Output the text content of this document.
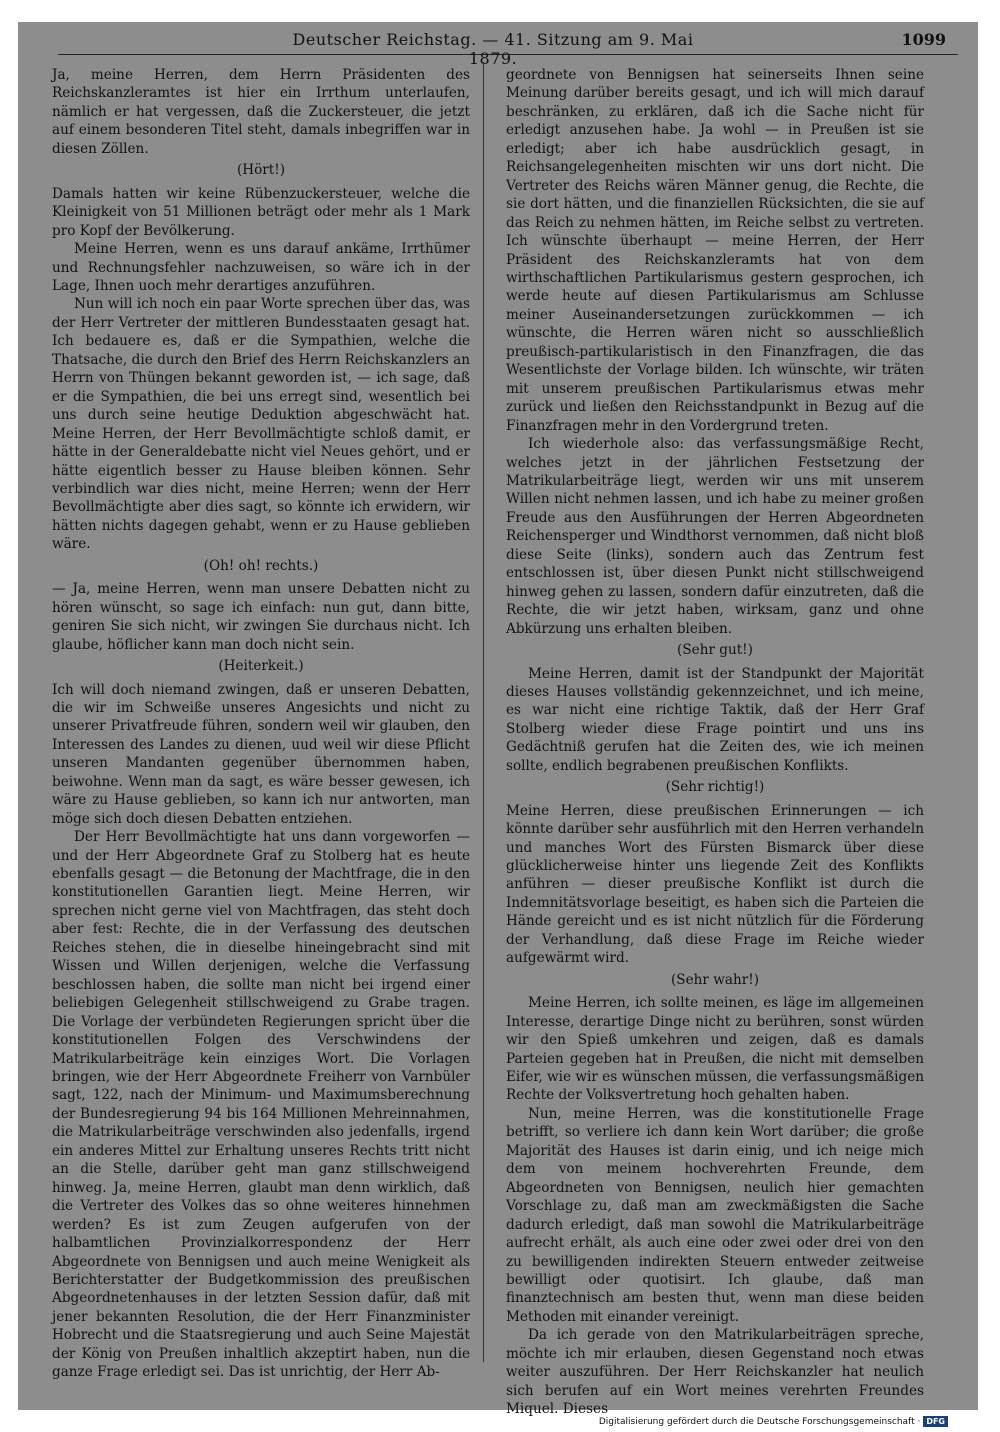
Deutscher Reichstag. — 41. Sitzung am 9. Mai 1879.
1099

Ja, meine Herren, dem Herrn Präsidenten des Reichskanzleramtes ist hier ein Irrthum unterlaufen, nämlich er hat vergessen, daß die Zuckersteuer, die jetzt auf einem besonderen Titel steht, damals inbegriffen war in diesen Zöllen.

(Hört!)

Damals hatten wir keine Rübenzuckersteuer, welche die Kleinigkeit von 51 Millionen beträgt oder mehr als 1 Mark pro Kopf der Bevölkerung.

Meine Herren, wenn es uns darauf ankäme, Irrthümer und Rechnungsfehler nachzuweisen, so wäre ich in der Lage, Ihnen uoch mehr derartiges anzuführen.

Nun will ich noch ein paar Worte sprechen über das, was der Herr Vertreter der mittleren Bundesstaaten gesagt hat. Ich bedauere es, daß er die Sympathien, welche die Thatsache, die durch den Brief des Herrn Reichskanzlers an Herrn von Thüngen bekannt geworden ist, — ich sage, daß er die Sympathien, die bei uns erregt sind, wesentlich bei uns durch seine heutige Deduktion abgeschwächt hat. Meine Herren, der Herr Bevollmächtigte schloß damit, er hätte in der Generaldebatte nicht viel Neues gehört, und er hätte eigentlich besser zu Hause bleiben können. Sehr verbindlich war dies nicht, meine Herren; wenn der Herr Bevollmächtigte aber dies sagt, so könnte ich erwidern, wir hätten nichts dagegen gehabt, wenn er zu Hause geblieben wäre.

(Oh! oh! rechts.)

— Ja, meine Herren, wenn man unsere Debatten nicht zu hören wünscht, so sage ich einfach: nun gut, dann bitte, geniren Sie sich nicht, wir zwingen Sie durchaus nicht. Ich glaube, höflicher kann man doch nicht sein.

(Heiterkeit.)

Ich will doch niemand zwingen, daß er unseren Debatten, die wir im Schweiße unseres Angesichts und nicht zu unserer Privatfreude führen, sondern weil wir glauben, den Interessen des Landes zu dienen, uud weil wir diese Pflicht unseren Mandanten gegenüber übernommen haben, beiwohne. Wenn man da sagt, es wäre besser gewesen, ich wäre zu Hause geblieben, so kann ich nur antworten, man möge sich doch diesen Debatten entziehen.

Der Herr Bevollmächtigte hat uns dann vorgeworfen — und der Herr Abgeordnete Graf zu Stolberg hat es heute ebenfalls gesagt — die Betonung der Machtfrage, die in den konstitutionellen Garantien liegt. Meine Herren, wir sprechen nicht gerne viel von Machtfragen, das steht doch aber fest: Rechte, die in der Verfassung des deutschen Reiches stehen, die in dieselbe hineingebracht sind mit Wissen und Willen derjenigen, welche die Verfassung beschlossen haben, die sollte man nicht bei irgend einer beliebigen Gelegenheit stillschweigend zu Grabe tragen. Die Vorlage der verbündeten Regierungen spricht über die konstitutionellen Folgen des Verschwindens der Matrikularbeiträge kein einziges Wort. Die Vorlagen bringen, wie der Herr Abgeordnete Freiherr von Varnbüler sagt, 122, nach der Minimum- und Maximumsberechnung der Bundesregierung 94 bis 164 Millionen Mehreinnahmen, die Matrikularbeiträge verschwinden also jedenfalls, irgend ein anderes Mittel zur Erhaltung unseres Rechts tritt nicht an die Stelle, darüber geht man ganz stillschweigend hinweg. Ja, meine Herren, glaubt man denn wirklich, daß die Vertreter des Volkes das so ohne weiteres hinnehmen werden? Es ist zum Zeugen aufgerufen von der halbamtlichen Provinzialkorrespondenz der Herr Abgeordnete von Bennigsen und auch meine Wenigkeit als Berichterstatter der Budgetkommission des preußischen Abgeordnetenhauses in der letzten Session dafür, daß mit jener bekannten Resolution, die der Herr Finanzminister Hobrecht und die Staatsregierung und auch Seine Majestät der König von Preußen inhaltlich akzeptirt haben, nun die ganze Frage erledigt sei. Das ist unrichtig, der Herr Ab-

geordnete von Bennigsen hat seinerseits Ihnen seine Meinung darüber bereits gesagt, und ich will mich darauf beschränken, zu erklären, daß ich die Sache nicht für erledigt anzusehen habe. Ja wohl — in Preußen ist sie erledigt; aber ich habe ausdrücklich gesagt, in Reichsangelegenheiten mischten wir uns dort nicht. Die Vertreter des Reichs wären Männer genug, die Rechte, die sie dort hätten, und die finanziellen Rücksichten, die sie auf das Reich zu nehmen hätten, im Reiche selbst zu vertreten. Ich wünschte überhaupt — meine Herren, der Herr Präsident des Reichskanzleramts hat von dem wirthschaftlichen Partikularismus gestern gesprochen, ich werde heute auf diesen Partikularismus am Schlusse meiner Auseinandersetzungen zurückkommen — ich wünschte, die Herren wären nicht so ausschließlich preußisch-partikularistisch in den Finanzfragen, die das Wesentlichste der Vorlage bilden. Ich wünschte, wir träten mit unserem preußischen Partikularismus etwas mehr zurück und ließen den Reichsstandpunkt in Bezug auf die Finanzfragen mehr in den Vordergrund treten.

Ich wiederhole also: das verfassungsmäßige Recht, welches jetzt in der jährlichen Festsetzung der Matrikularbeiträge liegt, werden wir uns mit unserem Willen nicht nehmen lassen, und ich habe zu meiner großen Freude aus den Ausführungen der Herren Abgeordneten Reichensperger und Windthorst vernommen, daß nicht bloß diese Seite (links), sondern auch das Zentrum fest entschlossen ist, über diesen Punkt nicht stillschweigend hinweg gehen zu lassen, sondern dafür einzutreten, daß die Rechte, die wir jetzt haben, wirksam, ganz und ohne Abkürzung uns erhalten bleiben.

(Sehr gut!)

Meine Herren, damit ist der Standpunkt der Majorität dieses Hauses vollständig gekennzeichnet, und ich meine, es war nicht eine richtige Taktik, daß der Herr Graf Stolberg wieder diese Frage pointirt und uns ins Gedächtniß gerufen hat die Zeiten des, wie ich meinen sollte, endlich begrabenen preußischen Konflikts.

(Sehr richtig!)

Meine Herren, diese preußischen Erinnerungen — ich könnte darüber sehr ausführlich mit den Herren verhandeln und manches Wort des Fürsten Bismarck über diese glücklicherweise hinter uns liegende Zeit des Konflikts anführen — dieser preußische Konflikt ist durch die Indemnitätsvorlage beseitigt, es haben sich die Parteien die Hände gereicht und es ist nicht nützlich für die Förderung der Verhandlung, daß diese Frage im Reiche wieder aufgewärmt wird.

(Sehr wahr!)

Meine Herren, ich sollte meinen, es läge im allgemeinen Interesse, derartige Dinge nicht zu berühren, sonst würden wir den Spieß umkehren und zeigen, daß es damals Parteien gegeben hat in Preußen, die nicht mit demselben Eifer, wie wir es wünschen müssen, die verfassungsmäßigen Rechte der Volksvertretung hoch gehalten haben.

Nun, meine Herren, was die konstitutionelle Frage betrifft, so verliere ich dann kein Wort darüber; die große Majorität des Hauses ist darin einig, und ich neige mich dem von meinem hochverehrten Freunde, dem Abgeordneten von Bennigsen, neulich hier gemachten Vorschlage zu, daß man am zweckmäßigsten die Sache dadurch erledigt, daß man sowohl die Matrikularbeiträge aufrecht erhält, als auch eine oder zwei oder drei von den zu bewilligenden indirekten Steuern entweder zeitweise bewilligt oder quotisirt. Ich glaube, daß man finanztechnisch am besten thut, wenn man diese beiden Methoden mit einander vereinigt.

Da ich gerade von den Matrikularbeiträgen spreche, möchte ich mir erlauben, diesen Gegenstand noch etwas weiter auszuführen. Der Herr Reichskanzler hat neulich sich berufen auf ein Wort meines verehrten Freundes Miquel. Dieses

Digitalisierung gefördert durch die Deutsche Forschungsgemeinschaft · DFG
